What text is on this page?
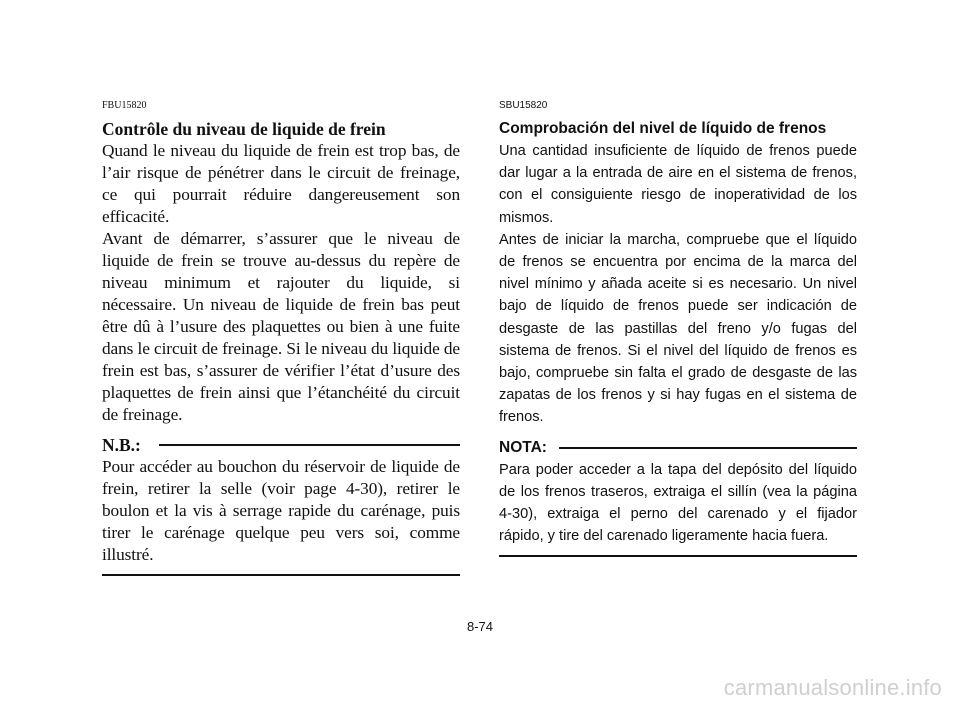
FBU15820

Contrôle du niveau de liquide de frein

Quand le niveau du liquide de frein est trop bas, de l’air risque de pénétrer dans le circuit de freinage, ce qui pourrait réduire dangereusement son efficacité.

Avant de démarrer, s’assurer que le niveau de liquide de frein se trouve au-dessus du repère de niveau minimum et rajouter du liquide, si nécessaire. Un niveau de liquide de frein bas peut être dû à l’usure des plaquettes ou bien à une fuite dans le circuit de freinage. Si le niveau du liquide de frein est bas, s’assurer de vérifier l’état d’usure des plaquettes de frein ainsi que l’étanchéité du circuit de freinage.

N.B.:

Pour accéder au bouchon du réservoir de liquide de frein, retirer la selle (voir page 4-30), retirer le boulon et la vis à serrage rapide du carénage, puis tirer le carénage quelque peu vers soi, comme illustré.

SBU15820

Comprobación del nivel de líquido de frenos

Una cantidad insuficiente de líquido de frenos puede dar lugar a la entrada de aire en el sistema de frenos, con el consiguiente riesgo de inoperatividad de los mismos.

Antes de iniciar la marcha, compruebe que el líquido de frenos se encuentra por encima de la marca del nivel mínimo y añada aceite si es necesario. Un nivel bajo de líquido de frenos puede ser indicación de desgaste de las pastillas del freno y/o fugas del sistema de frenos. Si el nivel del líquido de frenos es bajo, compruebe sin falta el grado de desgaste de las zapatas de los frenos y si hay fugas en el sistema de frenos.

NOTA:

Para poder acceder a la tapa del depósito del líquido de los frenos traseros, extraiga el sillín (vea la página 4-30), extraiga el perno del carenado y el fijador rápido, y tire del carenado ligeramente hacia fuera.

8-74
carmanualsonline.info
